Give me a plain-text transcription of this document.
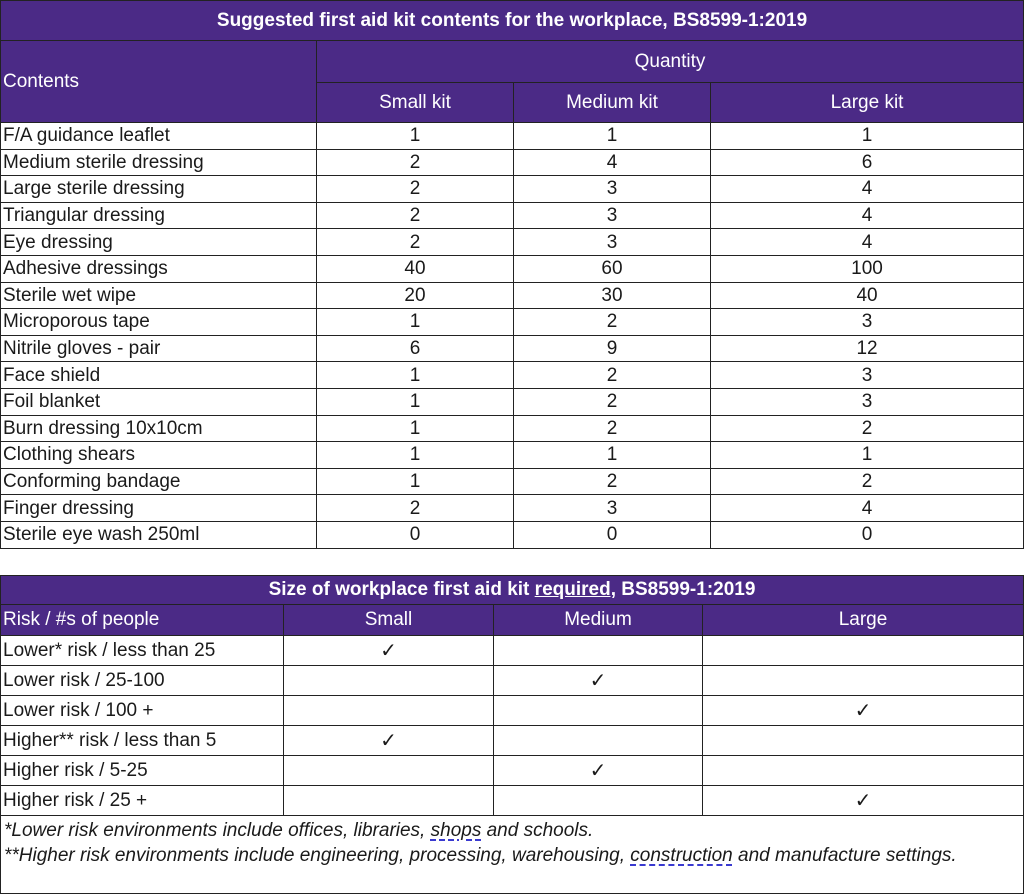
Suggested first aid kit contents for the workplace, BS8599-1:2019			
Contents	Quantity		
	Small kit	Medium kit	Large kit
F/A guidance leaflet	1	1	1
Medium sterile dressing	2	4	6
Large sterile dressing	2	3	4
Triangular dressing	2	3	4
Eye dressing	2	3	4
Adhesive dressings	40	60	100
Sterile wet wipe	20	30	40
Microporous tape	1	2	3
Nitrile gloves - pair	6	9	12
Face shield	1	2	3
Foil blanket	1	2	3
Burn dressing 10x10cm	1	2	2
Clothing shears	1	1	1
Conforming bandage	1	2	2
Finger dressing	2	3	4
Sterile eye wash 250ml	0	0	0
Size of workplace first aid kit required, BS8599-1:2019			
Risk / #s of people	Small	Medium	Large
Lower* risk / less than 25	✓		
Lower risk / 25-100		✓	
Lower risk / 100 +			✓
Higher** risk / less than 5	✓		
Higher risk / 5-25		✓	
Higher risk / 25 +			✓

*Lower risk environments include offices, libraries, shops and schools.
**Higher risk environments include engineering, processing, warehousing, construction and manufacture settings.			
